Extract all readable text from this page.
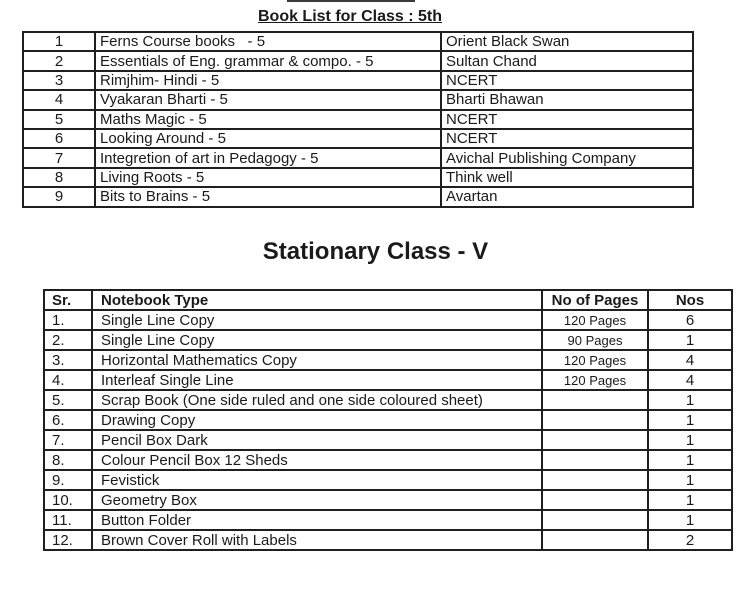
Book List for Class : 5th
1	Ferns Course books   - 5	Orient Black Swan
2	Essentials of Eng. grammar & compo. - 5	Sultan Chand
3	Rimjhim- Hindi - 5	NCERT
4	Vyakaran Bharti - 5	Bharti Bhawan
5	Maths Magic - 5	NCERT
6	Looking Around - 5	NCERT
7	Integretion of art in Pedagogy - 5	Avichal Publishing Company
8	Living Roots - 5	Think well
9	Bits to Brains - 5	Avartan
Stationary Class - V
Sr.	Notebook Type	No of Pages	Nos
1.	Single Line Copy	120 Pages	6
2.	Single Line Copy	90 Pages	1
3.	Horizontal Mathematics Copy	120 Pages	4
4.	Interleaf Single Line	120 Pages	4
5.	Scrap Book (One side ruled and one side coloured sheet)		1
6.	Drawing Copy		1
7.	Pencil Box Dark		1
8.	Colour Pencil Box 12 Sheds		1
9.	Fevistick		1
10.	Geometry Box		1
11.	Button Folder		1
12.	Brown Cover Roll with Labels		2
